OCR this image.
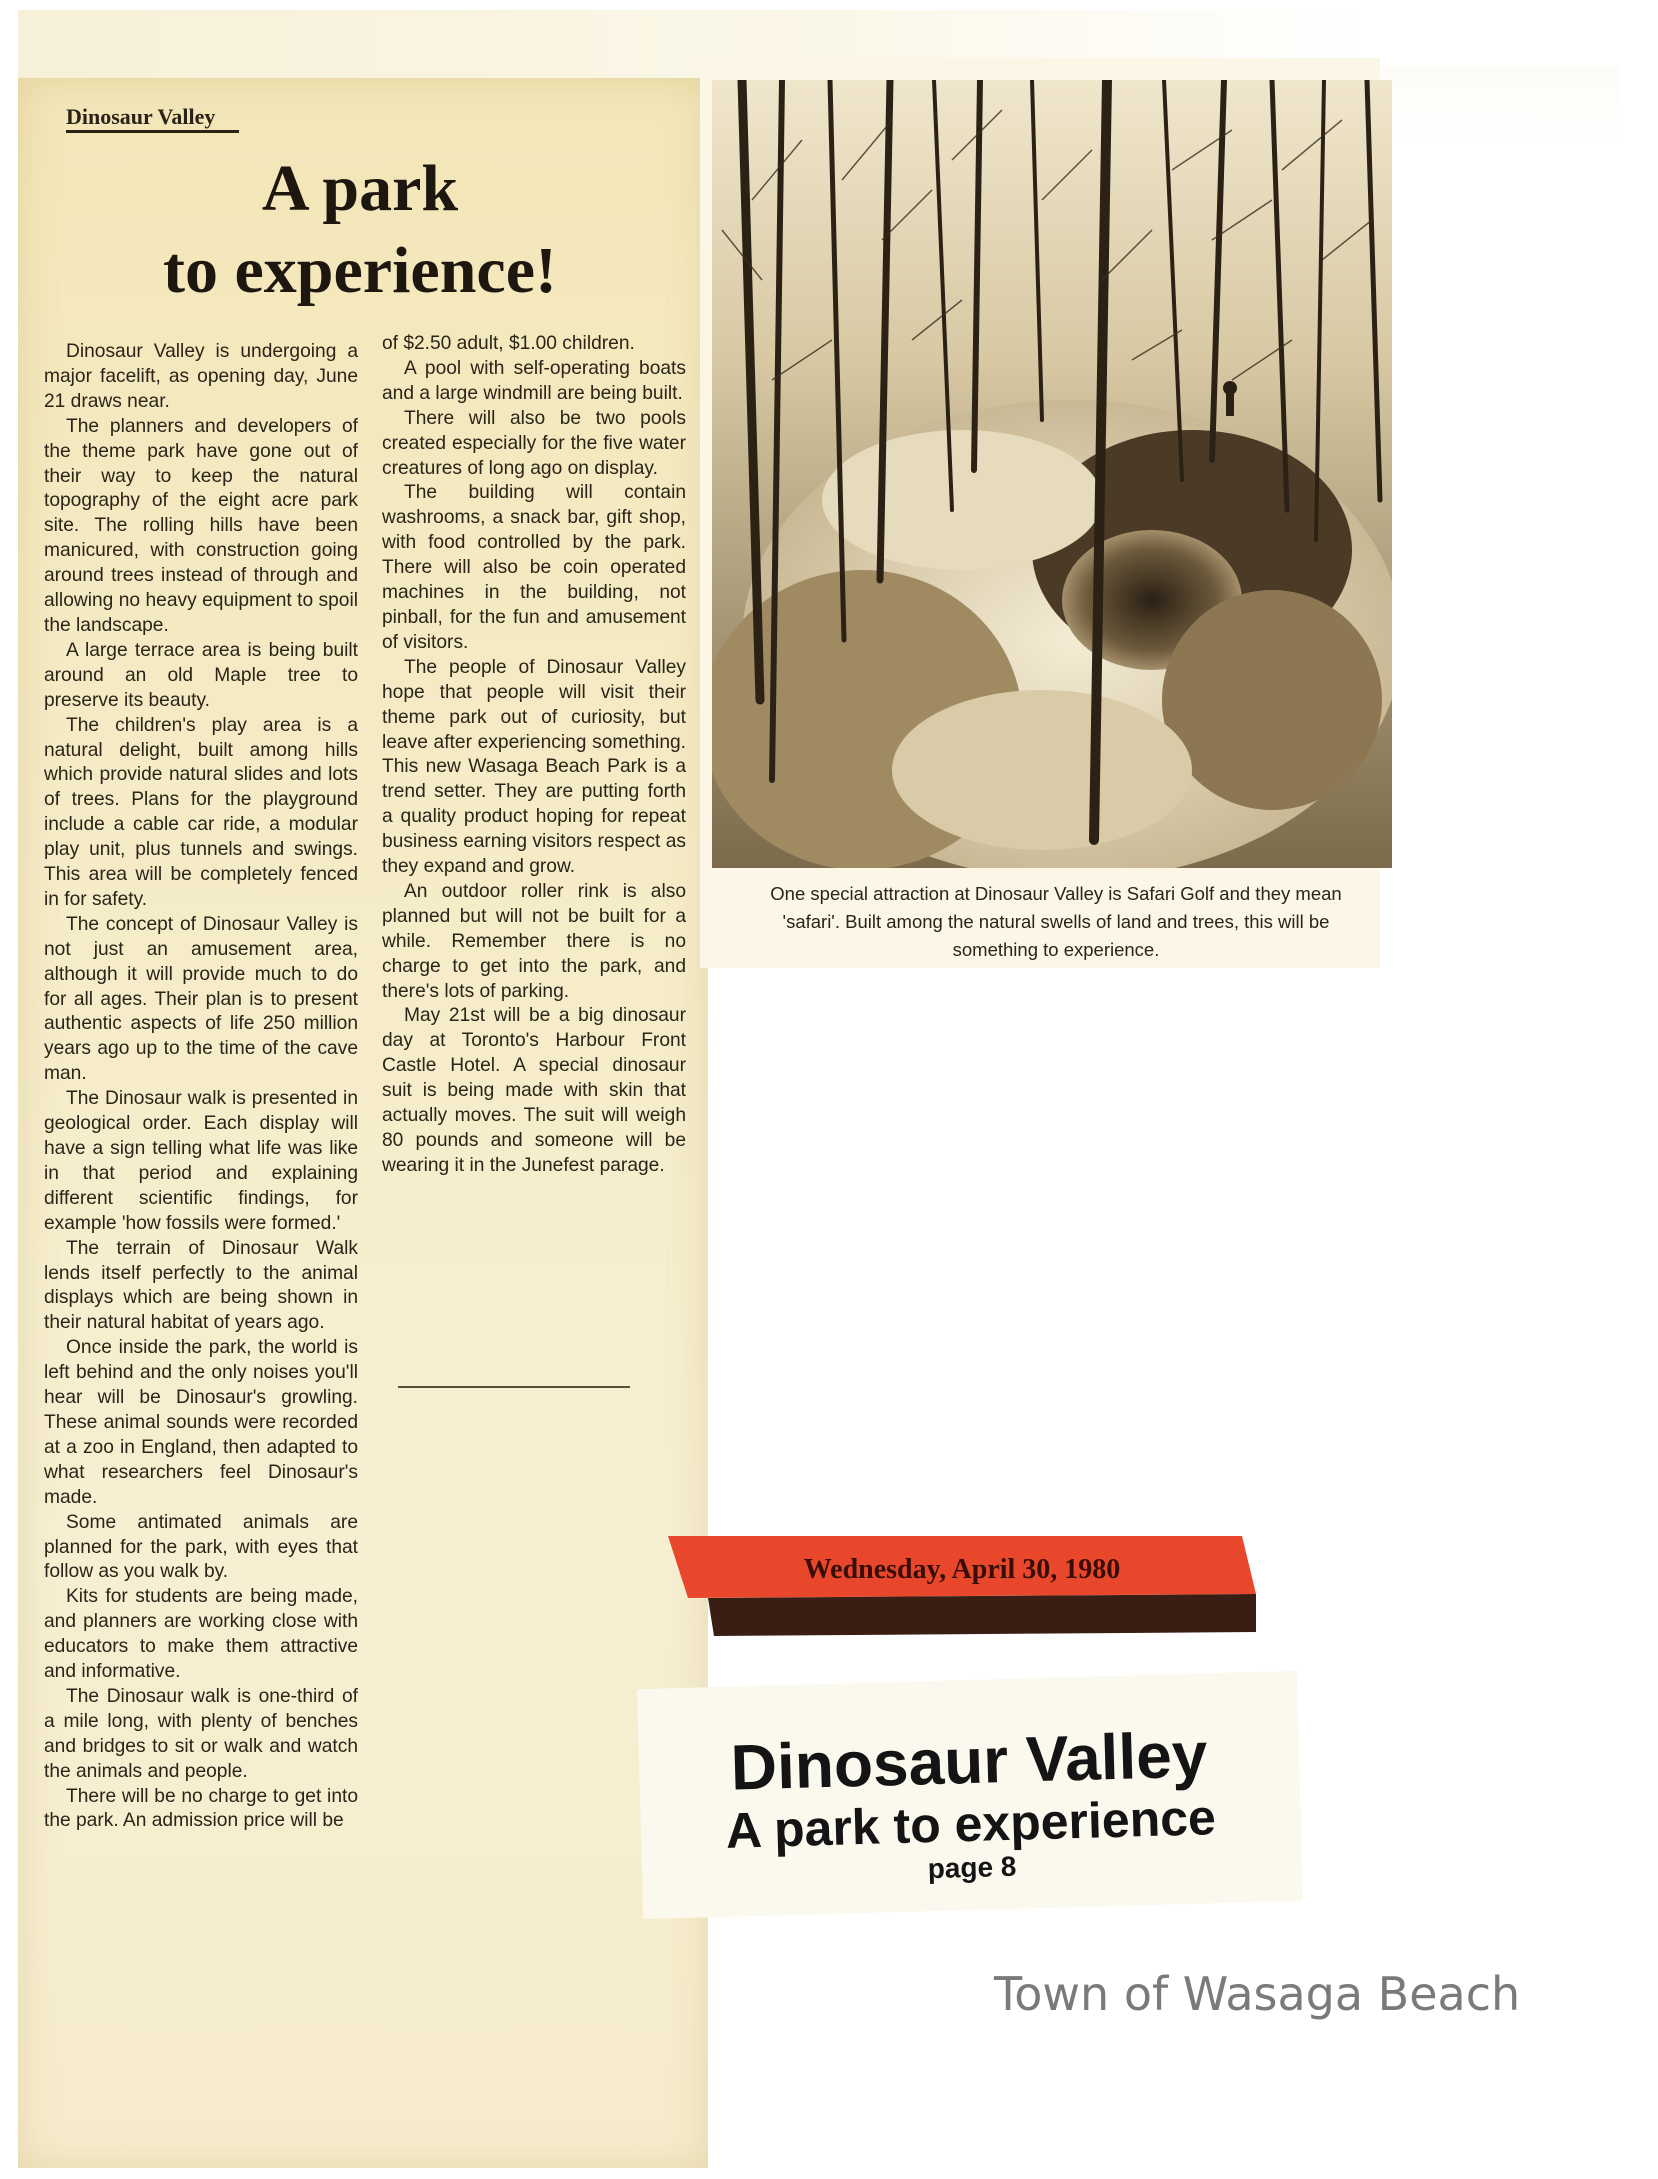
Dinosaur Valley
A park
to experience!

Dinosaur Valley is undergoing a major facelift, as opening day, June 21 draws near.

The planners and developers of the theme park have gone out of their way to keep the natural topography of the eight acre park site. The rolling hills have been manicured, with construction going around trees instead of through and allowing no heavy equipment to spoil the landscape.

A large terrace area is being built around an old Maple tree to preserve its beauty.

The children's play area is a natural delight, built among hills which provide natural slides and lots of trees. Plans for the playground include a cable car ride, a modular play unit, plus tunnels and swings. This area will be completely fenced in for safety.

The concept of Dinosaur Valley is not just an amusement area, although it will provide much to do for all ages. Their plan is to present authentic aspects of life 250 million years ago up to the time of the cave man.

The Dinosaur walk is presented in geological order. Each display will have a sign telling what life was like in that period and explaining different scientific findings, for example 'how fossils were formed.'

The terrain of Dinosaur Walk lends itself perfectly to the animal displays which are being shown in their natural habitat of years ago.

Once inside the park, the world is left behind and the only noises you'll hear will be Dinosaur's growling. These animal sounds were recorded at a zoo in England, then adapted to what researchers feel Dinosaur's made.

Some antimated animals are planned for the park, with eyes that follow as you walk by.

Kits for students are being made, and planners are working close with educators to make them attractive and informative.

The Dinosaur walk is one-third of a mile long, with plenty of benches and bridges to sit or walk and watch the animals and people.

There will be no charge to get into the park. An admission price will be

of $2.50 adult, $1.00 children.

A pool with self-operating boats and a large windmill are being built.

There will also be two pools created especially for the five water creatures of long ago on display.

The building will contain washrooms, a snack bar, gift shop, with food controlled by the park. There will also be coin operated machines in the building, not pinball, for the fun and amusement of visitors.

The people of Dinosaur Valley hope that people will visit their theme park out of curiosity, but leave after experiencing something. This new Wasaga Beach Park is a trend setter. They are putting forth a quality product hoping for repeat business earning visitors respect as they expand and grow.

An outdoor roller rink is also planned but will not be built for a while. Remember there is no charge to get into the park, and there's lots of parking.

May 21st will be a big dinosaur day at Toronto's Harbour Front Castle Hotel. A special dinosaur suit is being made with skin that actually moves. The suit will weigh 80 pounds and someone will be wearing it in the Junefest parage.

One special attraction at Dinosaur Valley is Safari Golf and they mean 'safari'. Built among the natural swells of land and trees, this will be something to experience.
Wednesday, April 30, 1980
Dinosaur Valley
A park to experience
page 8
Town of Wasaga Beach
